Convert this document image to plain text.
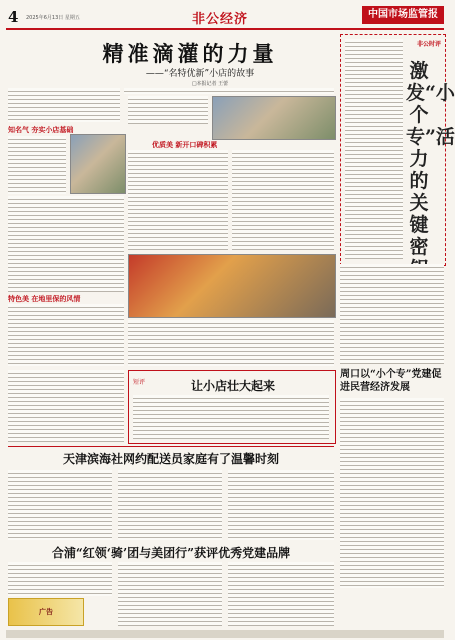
4	2025年6月13日 星期五	非公经济	中国市场监管报
精准滴灌的力量
——“名特优新”小店的故事
□本报记者 王蕾
知名气 夯实小店基础
特色美 在地里保的风情
优质美 新开口碑积累
非公时评
激发“小个专”活力的关键密
让小店壮大起来
短评
周口以“小个专”党建促进民营经济发展
天津滨海社网约配送员家庭有了温馨时刻
合浦“红领‘骑’团与美团行”获评优秀党建品牌
广告
